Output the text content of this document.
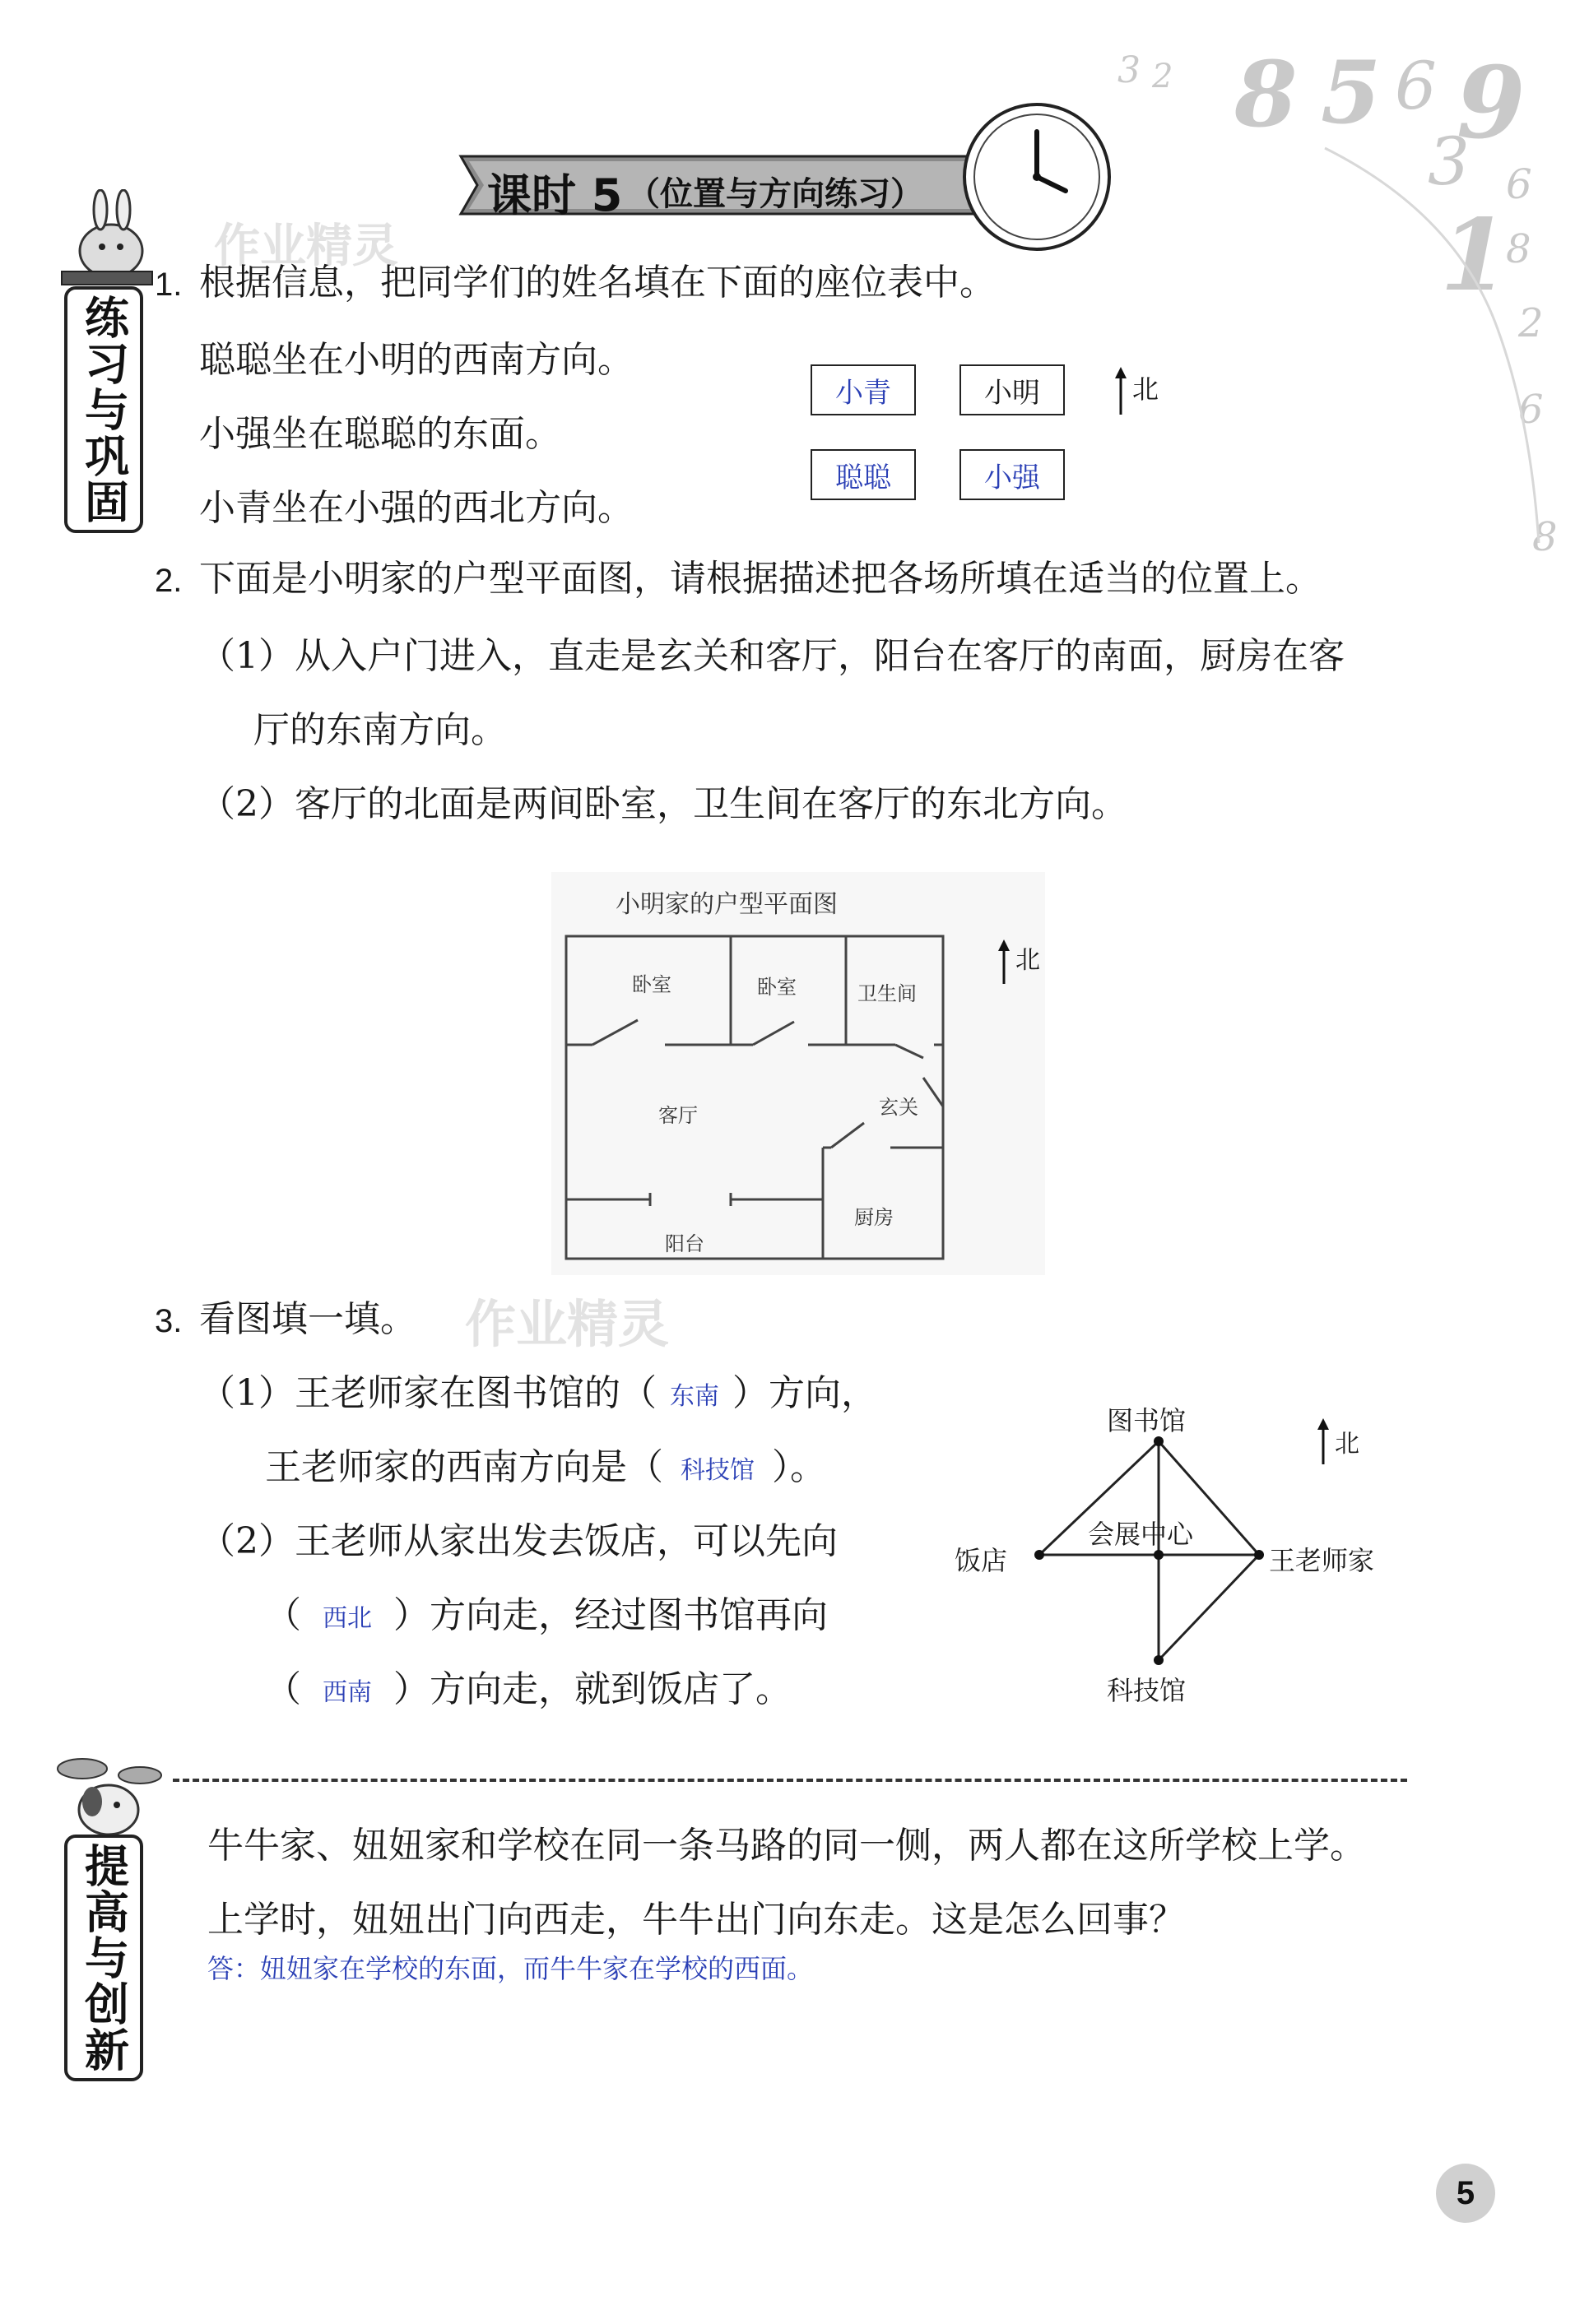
3 2 8 5 6 9
3 6
1
8
2
6
8
课时 5 （位置与方向练习）
作业精灵
练习与巩固
1. 根据信息，把同学们的姓名填在下面的座位表中。
聪聪坐在小明的西南方向。
小强坐在聪聪的东面。
小青坐在小强的西北方向。
小青	小明
聪聪	小强
北
2. 下面是小明家的户型平面图，请根据描述把各场所填在适当的位置上。
（1）从入户门进入，直走是玄关和客厅，阳台在客厅的南面，厨房在客
厅的东南方向。
（2）客厅的北面是两间卧室，卫生间在客厅的东北方向。
小明家的户型平面图
卧室	卧室	卫生间
客厅	玄关
厨房
阳台
北
3. 看图填一填。 作业精灵
（1）王老师家在图书馆的（ 东南 ）方向，
王老师家的西南方向是（ 科技馆 ）。
（2）王老师从家出发去饭店，可以先向
（ 西北 ）方向走，经过图书馆再向
（ 西南 ）方向走，就到饭店了。
图书馆
会展中心
饭店	王老师家
科技馆
北
提高与创新 牛牛家、妞妞家和学校在同一条马路的同一侧，两人都在这所学校上学。
上学时，妞妞出门向西走，牛牛出门向东走。这是怎么回事？
答：妞妞家在学校的东面，而牛牛家在学校的西面。
5
